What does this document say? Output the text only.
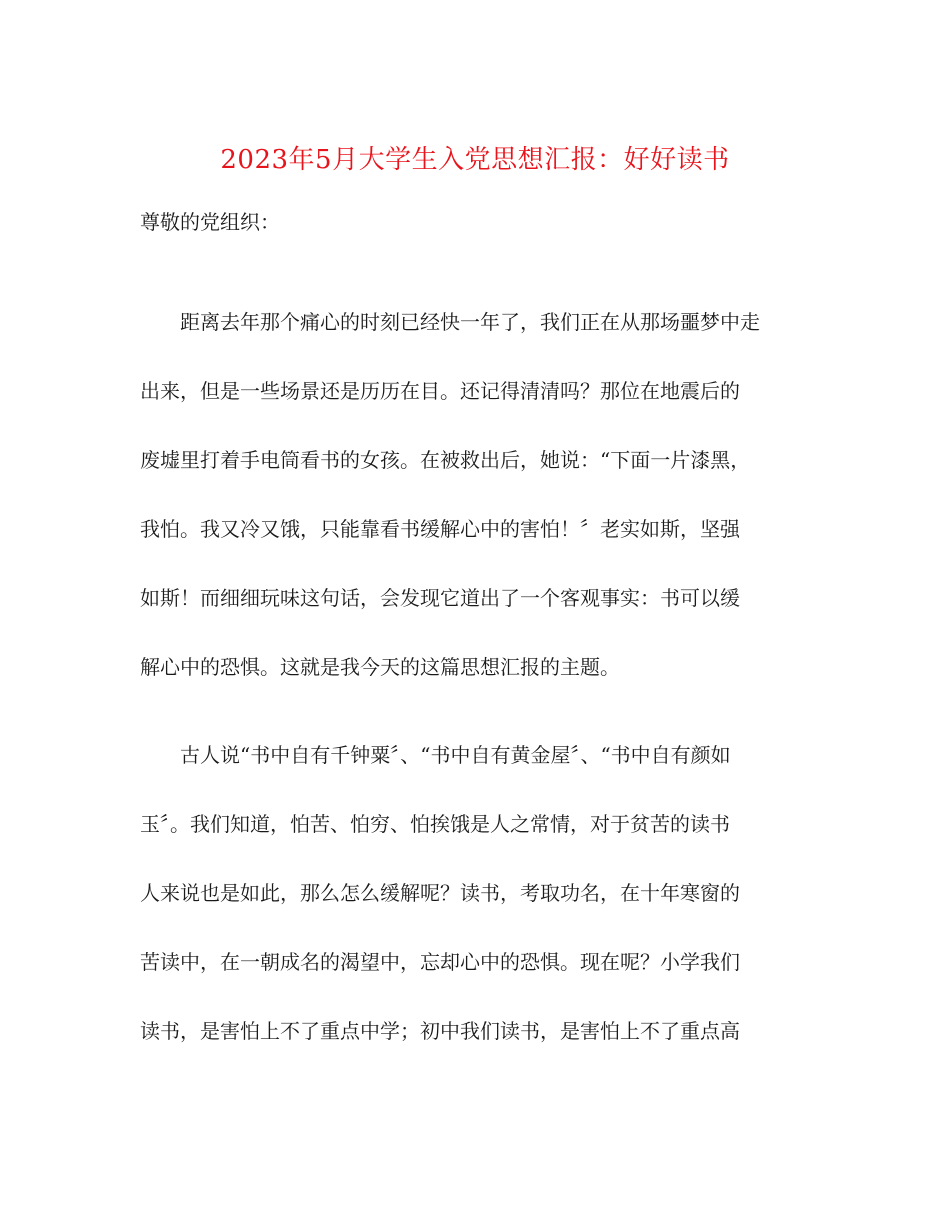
2023年5月大学生入党思想汇报：好好读书

尊敬的党组织：

距离去年那个痛心的时刻已经快一年了，我们正在从那场噩梦中走

出来，但是一些场景还是历历在目。还记得清清吗？那位在地震后的

废墟里打着手电筒看书的女孩。在被救出后，她说：“下面一片漆黑，

我怕。我又冷又饿，只能靠看书缓解心中的害怕！〞老实如斯，坚强

如斯！而细细玩味这句话，会发现它道出了一个客观事实：书可以缓

解心中的恐惧。这就是我今天的这篇思想汇报的主题。

古人说“书中自有千钟粟〞、“书中自有黄金屋〞、“书中自有颜如

玉〞。我们知道，怕苦、怕穷、怕挨饿是人之常情，对于贫苦的读书

人来说也是如此，那么怎么缓解呢？读书，考取功名，在十年寒窗的

苦读中，在一朝成名的渴望中，忘却心中的恐惧。现在呢？小学我们

读书，是害怕上不了重点中学；初中我们读书，是害怕上不了重点高
